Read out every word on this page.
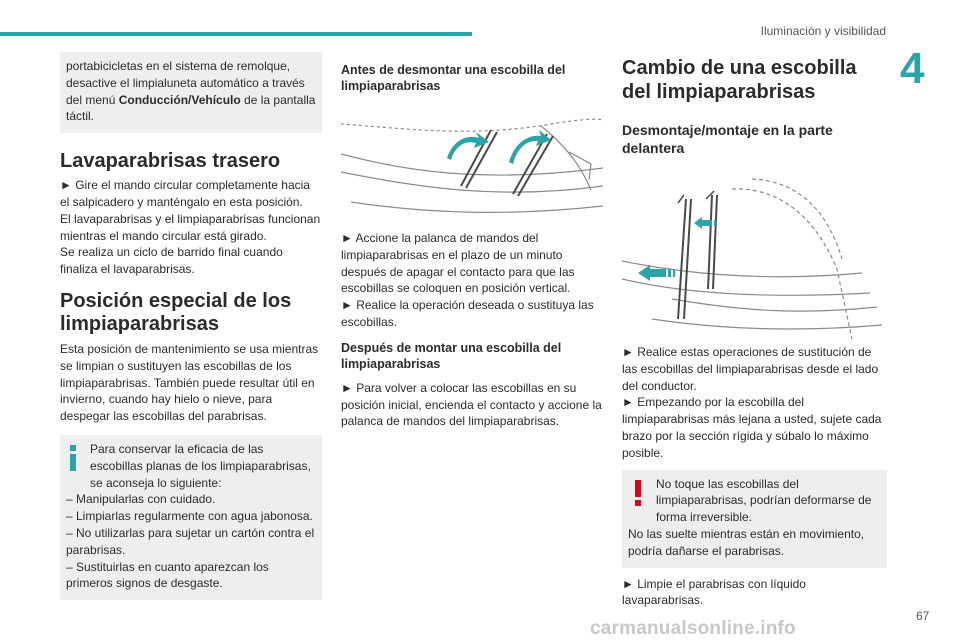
Iluminación y visibilidad
4

portabicicletas en el sistema de remolque, desactive el limpialuneta automático a través del menú Conducción/Vehículo de la pantalla táctil.

Lavaparabrisas trasero

► Gire el mando circular completamente hacia el salpicadero y manténgalo en esta posición.

El lavaparabrisas y el limpiaparabrisas funcionan mientras el mando circular está girado.

Se realiza un ciclo de barrido final cuando finaliza el lavaparabrisas.

Posición especial de los limpiaparabrisas

Esta posición de mantenimiento se usa mientras se limpian o sustituyen las escobillas de los limpiaparabrisas. También puede resultar útil en invierno, cuando hay hielo o nieve, para despegar las escobillas del parabrisas.

Para conservar la eficacia de las escobillas planas de los limpiaparabrisas, se aconseja lo siguiente:

– Manipularlas con cuidado.

– Limpiarlas regularmente con agua jabonosa.

– No utilizarlas para sujetar un cartón contra el parabrisas.

– Sustituirlas en cuanto aparezcan los primeros signos de desgaste.

Antes de desmontar una escobilla del limpiaparabrisas

► Accione la palanca de mandos del limpiaparabrisas en el plazo de un minuto después de apagar el contacto para que las escobillas se coloquen en posición vertical.

► Realice la operación deseada o sustituya las escobillas.

Después de montar una escobilla del limpiaparabrisas

► Para volver a colocar las escobillas en su posición inicial, encienda el contacto y accione la palanca de mandos del limpiaparabrisas.

Cambio de una escobilla del limpiaparabrisas
Desmontaje/montaje en la parte delantera

► Realice estas operaciones de sustitución de las escobillas del limpiaparabrisas desde el lado del conductor.

► Empezando por la escobilla del limpiaparabrisas más lejana a usted, sujete cada brazo por la sección rígida y súbalo lo máximo posible.

No toque las escobillas del limpiaparabrisas, podrían deformarse de forma irreversible.

No las suelte mientras están en movimiento, podría dañarse el parabrisas.

► Limpie el parabrisas con líquido lavaparabrisas.

67
carmanualsonline.info
